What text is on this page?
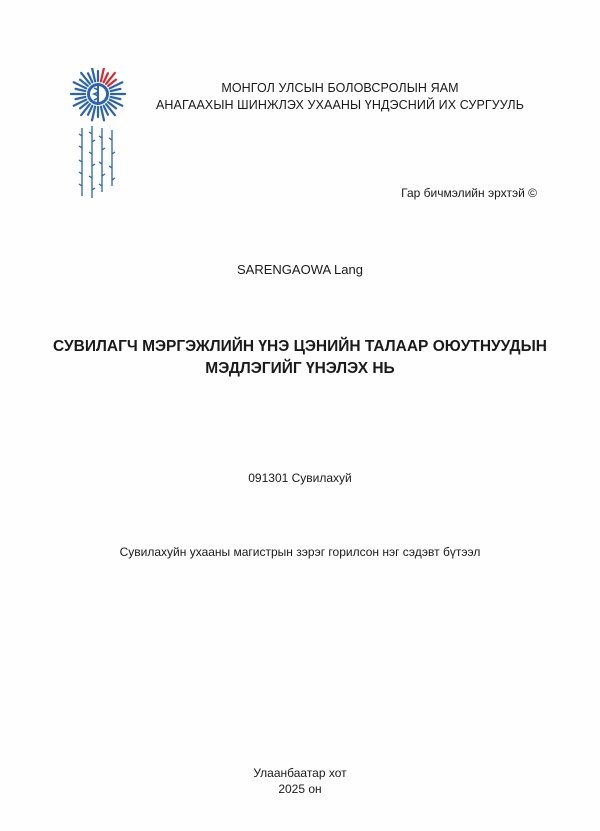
МОНГОЛ УЛСЫН БОЛОВСРОЛЫН ЯАМ
АНАГААХЫН ШИНЖЛЭХ УХААНЫ ҮНДЭСНИЙ ИХ СУРГУУЛЬ
Гар бичмэлийн эрхтэй ©
SARENGAOWA Lang
СУВИЛАГЧ МЭРГЭЖЛИЙН ҮНЭ ЦЭНИЙН ТАЛААР ОЮУТНУУДЫН
МЭДЛЭГИЙГ ҮНЭЛЭХ НЬ
091301 Сувилахуй
Сувилахуйн ухааны магистрын зэрэг горилсон нэг сэдэвт бүтээл
Улаанбаатар хот
2025 он
